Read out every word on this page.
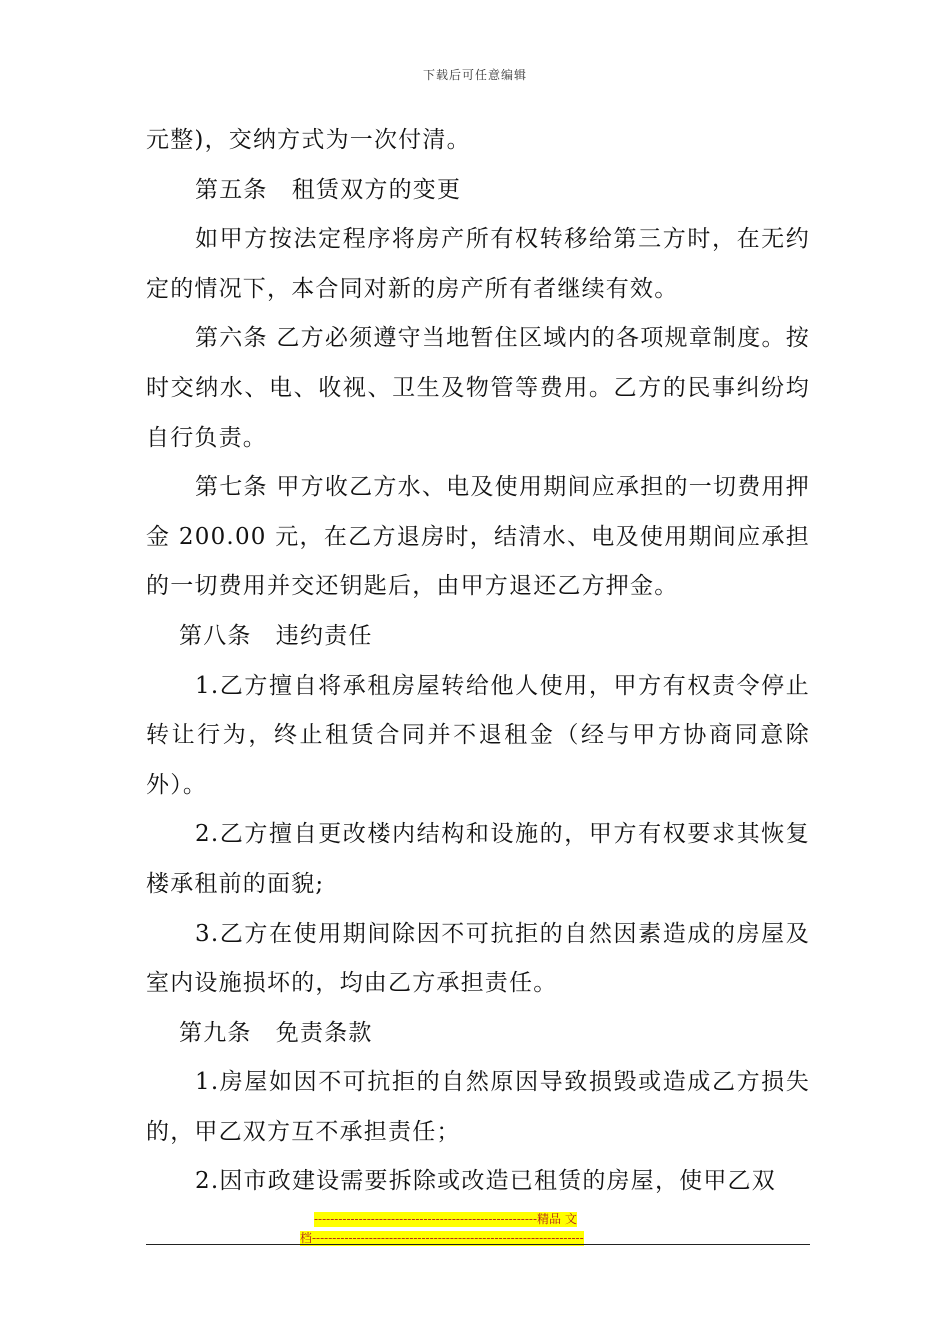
下载后可任意编辑

元整)，交纳方式为一次付清。

第五条　租赁双方的变更

如甲方按法定程序将房产所有权转移给第三方时，在无约定的情况下，本合同对新的房产所有者继续有效。

第六条 乙方必须遵守当地暂住区域内的各项规章制度。按时交纳水、电、收视、卫生及物管等费用。乙方的民事纠纷均自行负责。

第七条 甲方收乙方水、电及使用期间应承担的一切费用押金 200.00 元，在乙方退房时，结清水、电及使用期间应承担的一切费用并交还钥匙后，由甲方退还乙方押金。

第八条　违约责任

1.乙方擅自将承租房屋转给他人使用，甲方有权责令停止转让行为，终止租赁合同并不退租金（经与甲方协商同意除外）。

2.乙方擅自更改楼内结构和设施的，甲方有权要求其恢复楼承租前的面貌;

3.乙方在使用期间除因不可抗拒的自然因素造成的房屋及室内设施损坏的，均由乙方承担责任。

第九条　免责条款

1.房屋如因不可抗拒的自然原因导致损毁或造成乙方损失的，甲乙双方互不承担责任；

2.因市政建设需要拆除或改造已租赁的房屋，使甲乙双

-------------------------------------------------------精品 文
档-------------------------------------------------------------------
